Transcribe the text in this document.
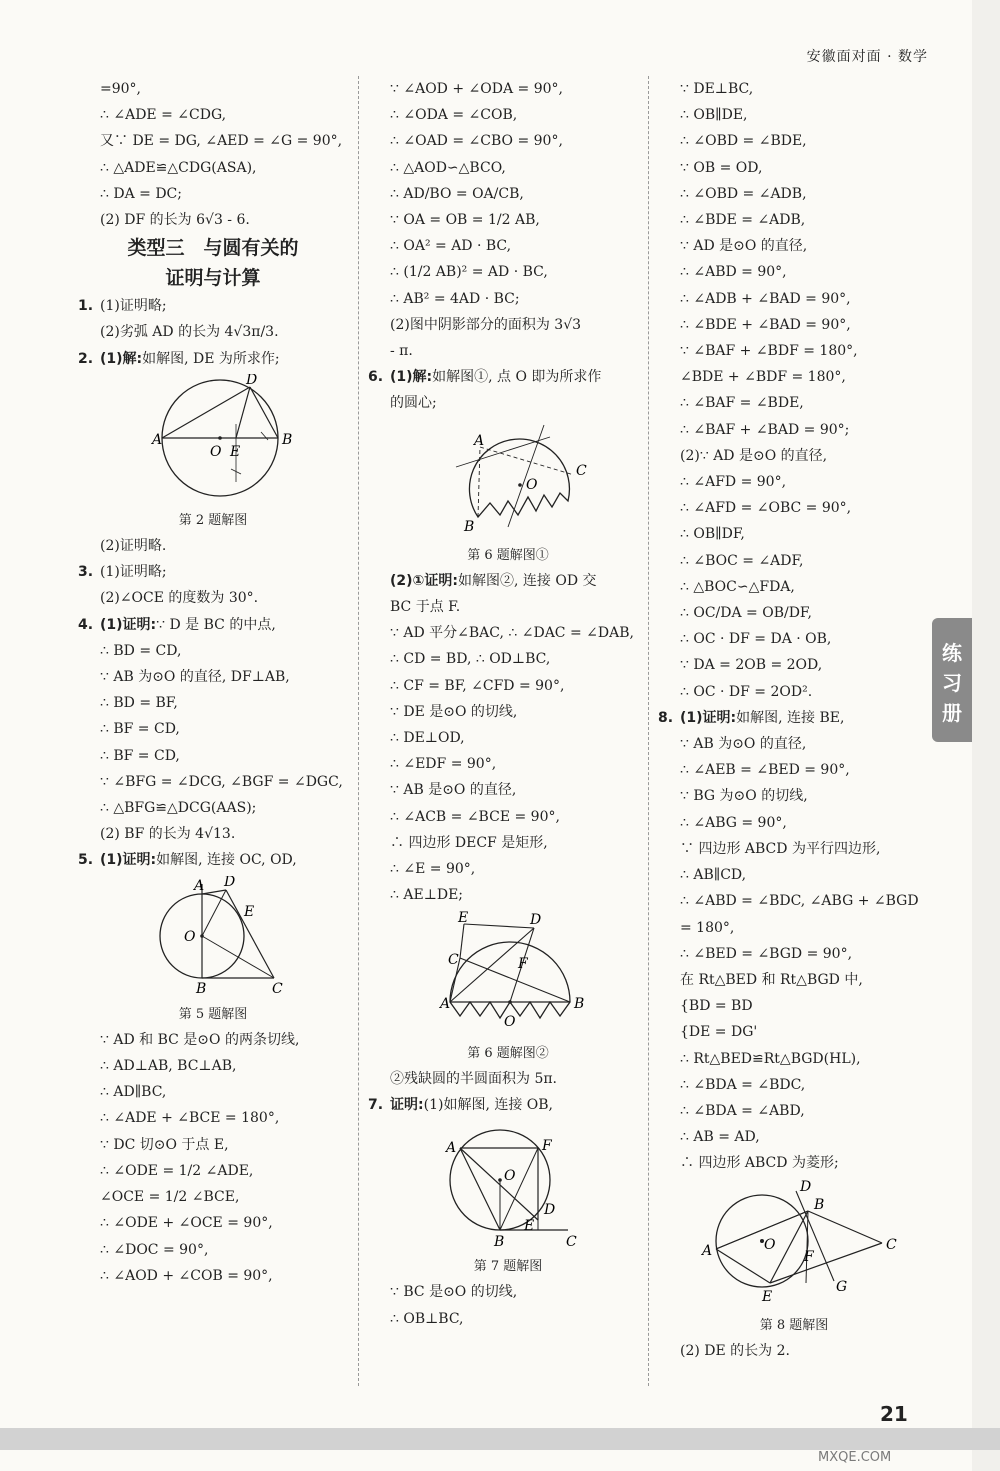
安徽面对面 · 数学
=90°,
∴ ∠ADE = ∠CDG,
又∵ DE = DG, ∠AED = ∠G = 90°,
∴ △ADE≌△CDG(ASA),
∴ DA = DC;
(2) DF 的长为 6√3 - 6.
类型三　与圆有关的
证明与计算
1. (1)证明略;
(2)劣弧 AD 的长为 4√3π/3.
2. (1)解:如解图, DE 为所求作;
A	B
D
O E
第 2 题解图
(2)证明略.
3. (1)证明略;
(2)∠OCE 的度数为 30°.
4. (1)证明:∵ D 是 BC 的中点,
∴ BD = CD,
∵ AB 为⊙O 的直径, DF⊥AB,
∴ BD = BF,
∴ BF = CD,
∴ BF = CD,
∵ ∠BFG = ∠DCG, ∠BGF = ∠DGC,
∴ △BFG≌△DCG(AAS);
(2) BF 的长为 4√13.
5. (1)证明:如解图, 连接 OC, OD,
A D
E
O
B	C
第 5 题解图
∵ AD 和 BC 是⊙O 的两条切线,
∴ AD⊥AB, BC⊥AB,
∴ AD∥BC,
∴ ∠ADE + ∠BCE = 180°,
∵ DC 切⊙O 于点 E,
∴ ∠ODE = 1/2 ∠ADE,
∠OCE = 1/2 ∠BCE,
∴ ∠ODE + ∠OCE = 90°,
∴ ∠DOC = 90°,
∴ ∠AOD + ∠COB = 90°,
∵ ∠AOD + ∠ODA = 90°,
∴ ∠ODA = ∠COB,
∴ ∠OAD = ∠CBO = 90°,
∴ △AOD∽△BCO,
∴ AD/BO = OA/CB,
∵ OA = OB = 1/2 AB,
∴ OA² = AD · BC,
∴ (1/2 AB)² = AD · BC,
∴ AB² = 4AD · BC;
(2)图中阴影部分的面积为 3√3
- π.
6. (1)解:如解图①, 点 O 即为所求作
的圆心;
A
C
O
B
第 6 题解图①
(2)①证明:如解图②, 连接 OD 交
BC 于点 F.
∵ AD 平分∠BAC, ∴ ∠DAC = ∠DAB,
∴ CD = BD, ∴ OD⊥BC,
∴ CF = BF, ∠CFD = 90°,
∵ DE 是⊙O 的切线,
∴ DE⊥OD,
∴ ∠EDF = 90°,
∵ AB 是⊙O 的直径,
∴ ∠ACB = ∠BCE = 90°,
∴ 四边形 DECF 是矩形,
∴ ∠E = 90°,
∴ AE⊥DE;
E	D
C	F
A
O
B
第 6 题解图②
②残缺圆的半圆面积为 5π.
7. 证明:(1)如解图, 连接 OB,
A	F
O
D
E
B	C
第 7 题解图
∵ BC 是⊙O 的切线,
∴ OB⊥BC,
∵ DE⊥BC,
∴ OB∥DE,
∴ ∠OBD = ∠BDE,
∵ OB = OD,
∴ ∠OBD = ∠ADB,
∴ ∠BDE = ∠ADB,
∵ AD 是⊙O 的直径,
∴ ∠ABD = 90°,
∴ ∠ADB + ∠BAD = 90°,
∴ ∠BDE + ∠BAD = 90°,
∵ ∠BAF + ∠BDF = 180°,
∠BDE + ∠BDF = 180°,
∴ ∠BAF = ∠BDE,
∴ ∠BAF + ∠BAD = 90°;
(2)∵ AD 是⊙O 的直径,
∴ ∠AFD = 90°,
∴ ∠AFD = ∠OBC = 90°,
∴ OB∥DF,
∴ ∠BOC = ∠ADF,
∴ △BOC∽△FDA,
∴ OC/DA = OB/DF,
∴ OC · DF = DA · OB,
∵ DA = 2OB = 2OD,
∴ OC · DF = 2OD².
8. (1)证明:如解图, 连接 BE,
∵ AB 为⊙O 的直径,
∴ ∠AEB = ∠BED = 90°,
∵ BG 为⊙O 的切线,
∴ ∠ABG = 90°,
∵ 四边形 ABCD 为平行四边形,
∴ AB∥CD,
∴ ∠ABD = ∠BDC, ∠ABG + ∠BGD
= 180°,
∴ ∠BED = ∠BGD = 90°,
在 Rt△BED 和 Rt△BGD 中,
{BD = BD
{DE = DG'
∴ Rt△BED≌Rt△BGD(HL),
∴ ∠BDA = ∠BDC,
∴ ∠BDA = ∠ABD,
∴ AB = AD,
∴ 四边形 ABCD 为菱形;
D
A	O
F
B
C
E
G
第 8 题解图
(2) DE 的长为 2.
练
习
册
21
MXQE.COM
